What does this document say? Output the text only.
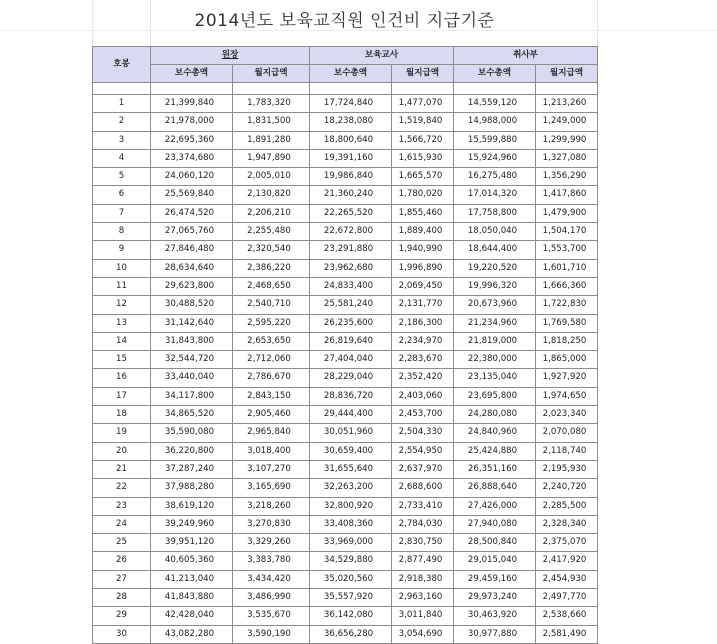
2014년도 보육교직원 인건비 지급기준
호봉	원장		보육교사		취사부	
	보수총액	월지급액	보수총액	월지급액	보수총액	월지급액

1	21,399,840	1,783,320	17,724,840	1,477,070	14,559,120	1,213,260
2	21,978,000	1,831,500	18,238,080	1,519,840	14,988,000	1,249,000
3	22,695,360	1,891,280	18,800,640	1,566,720	15,599,880	1,299,990
4	23,374,680	1,947,890	19,391,160	1,615,930	15,924,960	1,327,080
5	24,060,120	2,005,010	19,986,840	1,665,570	16,275,480	1,356,290
6	25,569,840	2,130,820	21,360,240	1,780,020	17,014,320	1,417,860
7	26,474,520	2,206,210	22,265,520	1,855,460	17,758,800	1,479,900
8	27,065,760	2,255,480	22,672,800	1,889,400	18,050,040	1,504,170
9	27,846,480	2,320,540	23,291,880	1,940,990	18,644,400	1,553,700
10	28,634,640	2,386,220	23,962,680	1,996,890	19,220,520	1,601,710
11	29,623,800	2,468,650	24,833,400	2,069,450	19,996,320	1,666,360
12	30,488,520	2,540,710	25,581,240	2,131,770	20,673,960	1,722,830
13	31,142,640	2,595,220	26,235,600	2,186,300	21,234,960	1,769,580
14	31,843,800	2,653,650	26,819,640	2,234,970	21,819,000	1,818,250
15	32,544,720	2,712,060	27,404,040	2,283,670	22,380,000	1,865,000
16	33,440,040	2,786,670	28,229,040	2,352,420	23,135,040	1,927,920
17	34,117,800	2,843,150	28,836,720	2,403,060	23,695,800	1,974,650
18	34,865,520	2,905,460	29,444,400	2,453,700	24,280,080	2,023,340
19	35,590,080	2,965,840	30,051,960	2,504,330	24,840,960	2,070,080
20	36,220,800	3,018,400	30,659,400	2,554,950	25,424,880	2,118,740
21	37,287,240	3,107,270	31,655,640	2,637,970	26,351,160	2,195,930
22	37,988,280	3,165,690	32,263,200	2,688,600	26,888,640	2,240,720
23	38,619,120	3,218,260	32,800,920	2,733,410	27,426,000	2,285,500
24	39,249,960	3,270,830	33,408,360	2,784,030	27,940,080	2,328,340
25	39,951,120	3,329,260	33,969,000	2,830,750	28,500,840	2,375,070
26	40,605,360	3,383,780	34,529,880	2,877,490	29,015,040	2,417,920
27	41,213,040	3,434,420	35,020,560	2,918,380	29,459,160	2,454,930
28	41,843,880	3,486,990	35,557,920	2,963,160	29,973,240	2,497,770
29	42,428,040	3,535,670	36,142,080	3,011,840	30,463,920	2,538,660
30	43,082,280	3,590,190	36,656,280	3,054,690	30,977,880	2,581,490
